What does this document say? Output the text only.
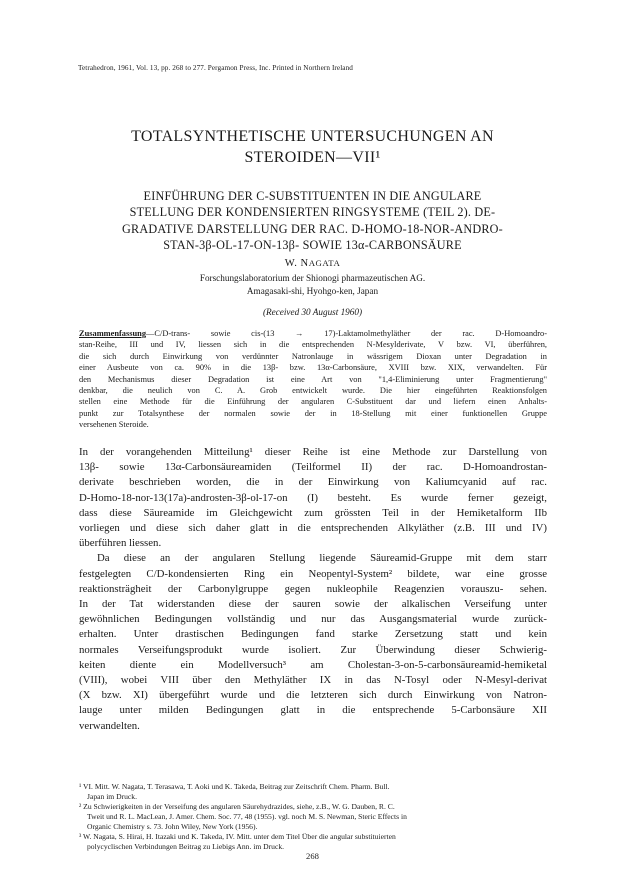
Tetrahedron, 1961, Vol. 13, pp. 268 to 277. Pergamon Press, Inc. Printed in Northern Ireland
TOTALSYNTHETISCHE UNTERSUCHUNGEN AN
STEROIDEN—VII¹
EINFÜHRUNG DER C-SUBSTITUENTEN IN DIE ANGULARE
STELLUNG DER KONDENSIERTEN RINGSYSTEME (TEIL 2). DE-
GRADATIVE DARSTELLUNG DER RAC. D-HOMO-18-NOR-ANDRO-
STAN-3β-OL-17-ON-13β- SOWIE 13α-CARBONSÄURE
W. NAGATA
Forschungslaboratorium der Shionogi pharmazeutischen AG.
Amagasaki-shi, Hyohgo-ken, Japan
(Received 30 August 1960)
Zusammenfassung—C/D-trans- sowie cis-(13 → 17)-Laktamolmethyläther der rac. D-Homoandro-
stan-Reihe, III und IV, liessen sich in die entsprechenden N-Mesylderivate, V bzw. VI, überführen,
die sich durch Einwirkung von verdünnter Natronlauge in wässrigem Dioxan unter Degradation in
einer Ausbeute von ca. 90% in die 13β- bzw. 13α-Carbonsäure, XVIII bzw. XIX, verwandelten. Für
den Mechanismus dieser Degradation ist eine Art von "1,4-Eliminierung unter Fragmentierung"
denkbar, die neulich von C. A. Grob entwickelt wurde. Die hier eingeführten Reaktionsfolgen
stellen eine Methode für die Einführung der angularen C-Substituent dar und liefern einen Anhalts-
punkt zur Totalsynthese der normalen sowie der in 18-Stellung mit einer funktionellen Gruppe
versehenen Steroide.
In der vorangehenden Mitteilung¹ dieser Reihe ist eine Methode zur Darstellung von
13β- sowie 13α-Carbonsäureamiden (Teilformel II) der rac. D-Homoandrostan-
derivate beschrieben worden, die in der Einwirkung von Kaliumcyanid auf rac.
D-Homo-18-nor-13(17a)-androsten-3β-ol-17-on (I) besteht. Es wurde ferner gezeigt,
dass diese Säureamide im Gleichgewicht zum grössten Teil in der Hemiketalform IIb
vorliegen und diese sich daher glatt in die entsprechenden Alkyläther (z.B. III und IV)
überführen liessen.
Da diese an der angularen Stellung liegende Säureamid-Gruppe mit dem starr
festgelegten C/D-kondensierten Ring ein Neopentyl-System² bildete, war eine grosse
reaktionsträgheit der Carbonylgruppe gegen nukleophile Reagenzien vorauszu- sehen.
In der Tat widerstanden diese der sauren sowie der alkalischen Verseifung unter
gewöhnlichen Bedingungen vollständig und nur das Ausgangsmaterial wurde zurück-
erhalten. Unter drastischen Bedingungen fand starke Zersetzung statt und kein
normales Verseifungsprodukt wurde isoliert. Zur Überwindung dieser Schwierig-
keiten diente ein Modellversuch³ am Cholestan-3-on-5-carbonsäureamid-hemiketal
(VIII), wobei VIII über den Methyläther IX in das N-Tosyl oder N-Mesyl-derivat
(X bzw. XI) übergeführt wurde und die letzteren sich durch Einwirkung von Natron-
lauge unter milden Bedingungen glatt in die entsprechende 5-Carbonsäure XII
verwandelten.
¹ VI. Mitt. W. Nagata, T. Terasawa, T. Aoki und K. Takeda, Beitrag zur Zeitschrift Chem. Pharm. Bull.
Japan im Druck.
² Zu Schwierigkeiten in der Verseifung des angularen Säurehydrazides, siehe, z.B., W. G. Dauben, R. C.
Tweit und R. L. MacLean, J. Amer. Chem. Soc. 77, 48 (1955). vgl. noch M. S. Newman, Steric Effects in
Organic Chemistry s. 73. John Wiley, New York (1956).
³ W. Nagata, S. Hirai, H. Itazaki und K. Takeda, IV. Mitt. unter dem Titel Über die angular substituierten
polycyclischen Verbindungen Beitrag zu Liebigs Ann. im Druck.
268
